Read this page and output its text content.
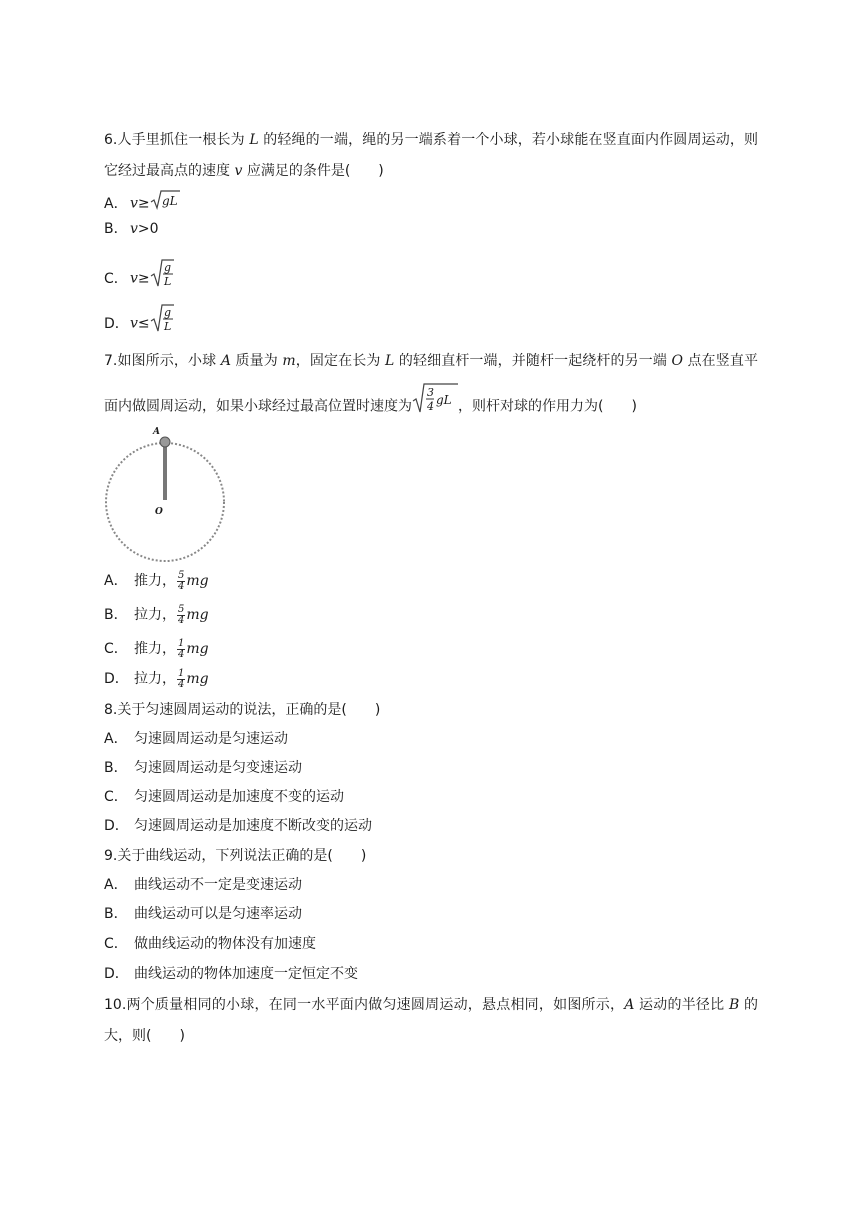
6.人手里抓住一根长为 L 的轻绳的一端，绳的另一端系着一个小球，若小球能在竖直面内作圆周运动，则它经过最高点的速度 v 应满足的条件是(　　)
A． v≥ gL
B． v>0
C． v≥
g
L
D．v≤
g
L
7.如图所示，小球 A 质量为 m，固定在长为 L 的轻细直杆一端，并随杆一起绕杆的另一端 O 点在竖直平面内做圆周运动，如果小球经过最高位置时速度为
3
4 gL ，则杆对球的作用力为(　　)
A
O
A． 推力， $\frac{5}{4}$ mg
B． 拉力， $\frac{5}{4}$ mg
C． 推力， $\frac{1}{4}$ mg
D． 拉力， $\frac{1}{4}$ mg
8.关于匀速圆周运动的说法，正确的是(　　)
A． 匀速圆周运动是匀速运动
B． 匀速圆周运动是匀变速运动
C． 匀速圆周运动是加速度不变的运动
D． 匀速圆周运动是加速度不断改变的运动
9.关于曲线运动，下列说法正确的是(　　)
A． 曲线运动不一定是变速运动
B． 曲线运动可以是匀速率运动
C． 做曲线运动的物体没有加速度
D． 曲线运动的物体加速度一定恒定不变
10.两个质量相同的小球，在同一水平面内做匀速圆周运动，悬点相同，如图所示，A 运动的半径比 B 的大，则(　　)
